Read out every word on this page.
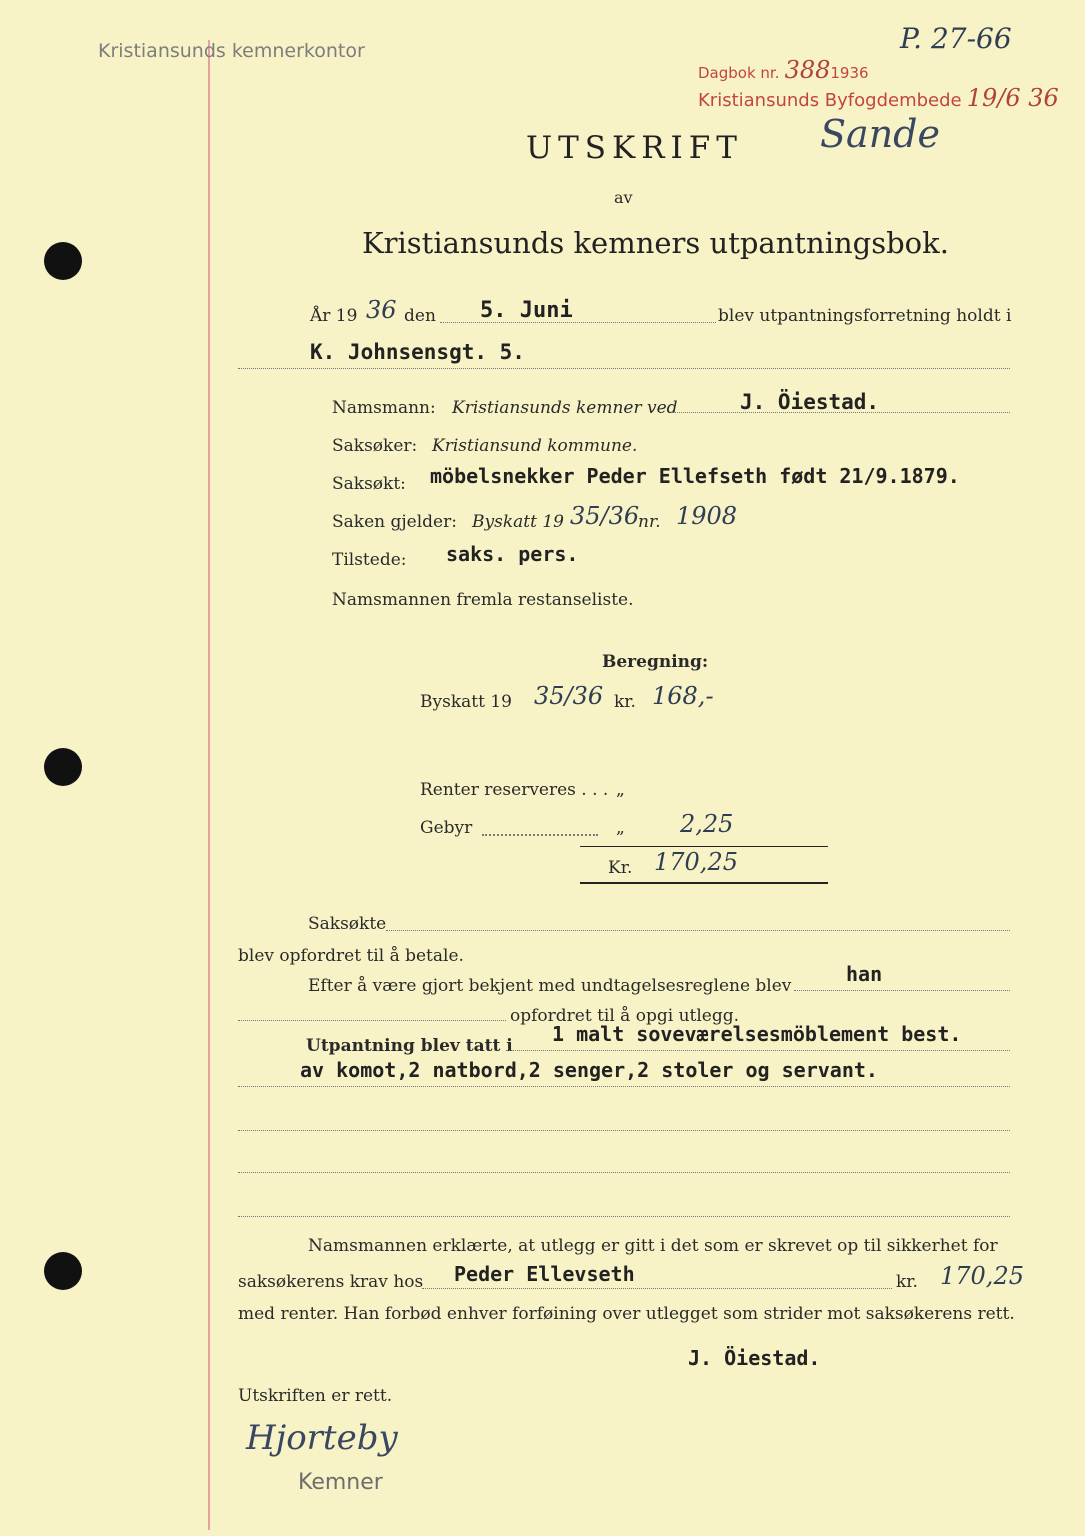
Kristiansunds kemnerkontor	P. 27-66
Dagbok nr. 3881936
Kristiansunds Byfogdembede 19/6 36
Sande
UTSKRIFT
av
Kristiansunds kemners utpantningsbok.
År 19 36 den 5. Juni	blev utpantningsforretning holdt i
K. Johnsensgt. 5.
Namsmann: Kristiansunds kemner ved	J. Öiestad.
Saksøker: Kristiansund kommune.
Saksøkt: möbelsnekker Peder Ellefseth født 21/9.1879.
Saken gjelder: Byskatt 19 35/36
nr. 1908
Tilstede: saks. pers.
Namsmannen fremla restanseliste.
Beregning:
Byskatt 19 35/36 kr. 168,-
Renter reserveres . . . „
Gebyr	„ 2,25
Kr. 170,25
Saksøkte
blev opfordret til å betale.
Efter å være gjort bekjent med undtagelsesreglene blev	han
opfordret til å opgi utlegg.
Utpantning blev tatt i 1 malt soveværelsesmöblement best.
av komot,2 natbord,2 senger,2 stoler og servant.
Namsmannen erklærte, at utlegg er gitt i det som er skrevet op til sikkerhet for
saksøkerens krav hos Peder Ellevseth	kr. 170,25
med renter. Han forbød enhver forføining over utlegget som strider mot saksøkerens rett.
J. Öiestad.
Utskriften er rett.
Hjorteby
Kemner
